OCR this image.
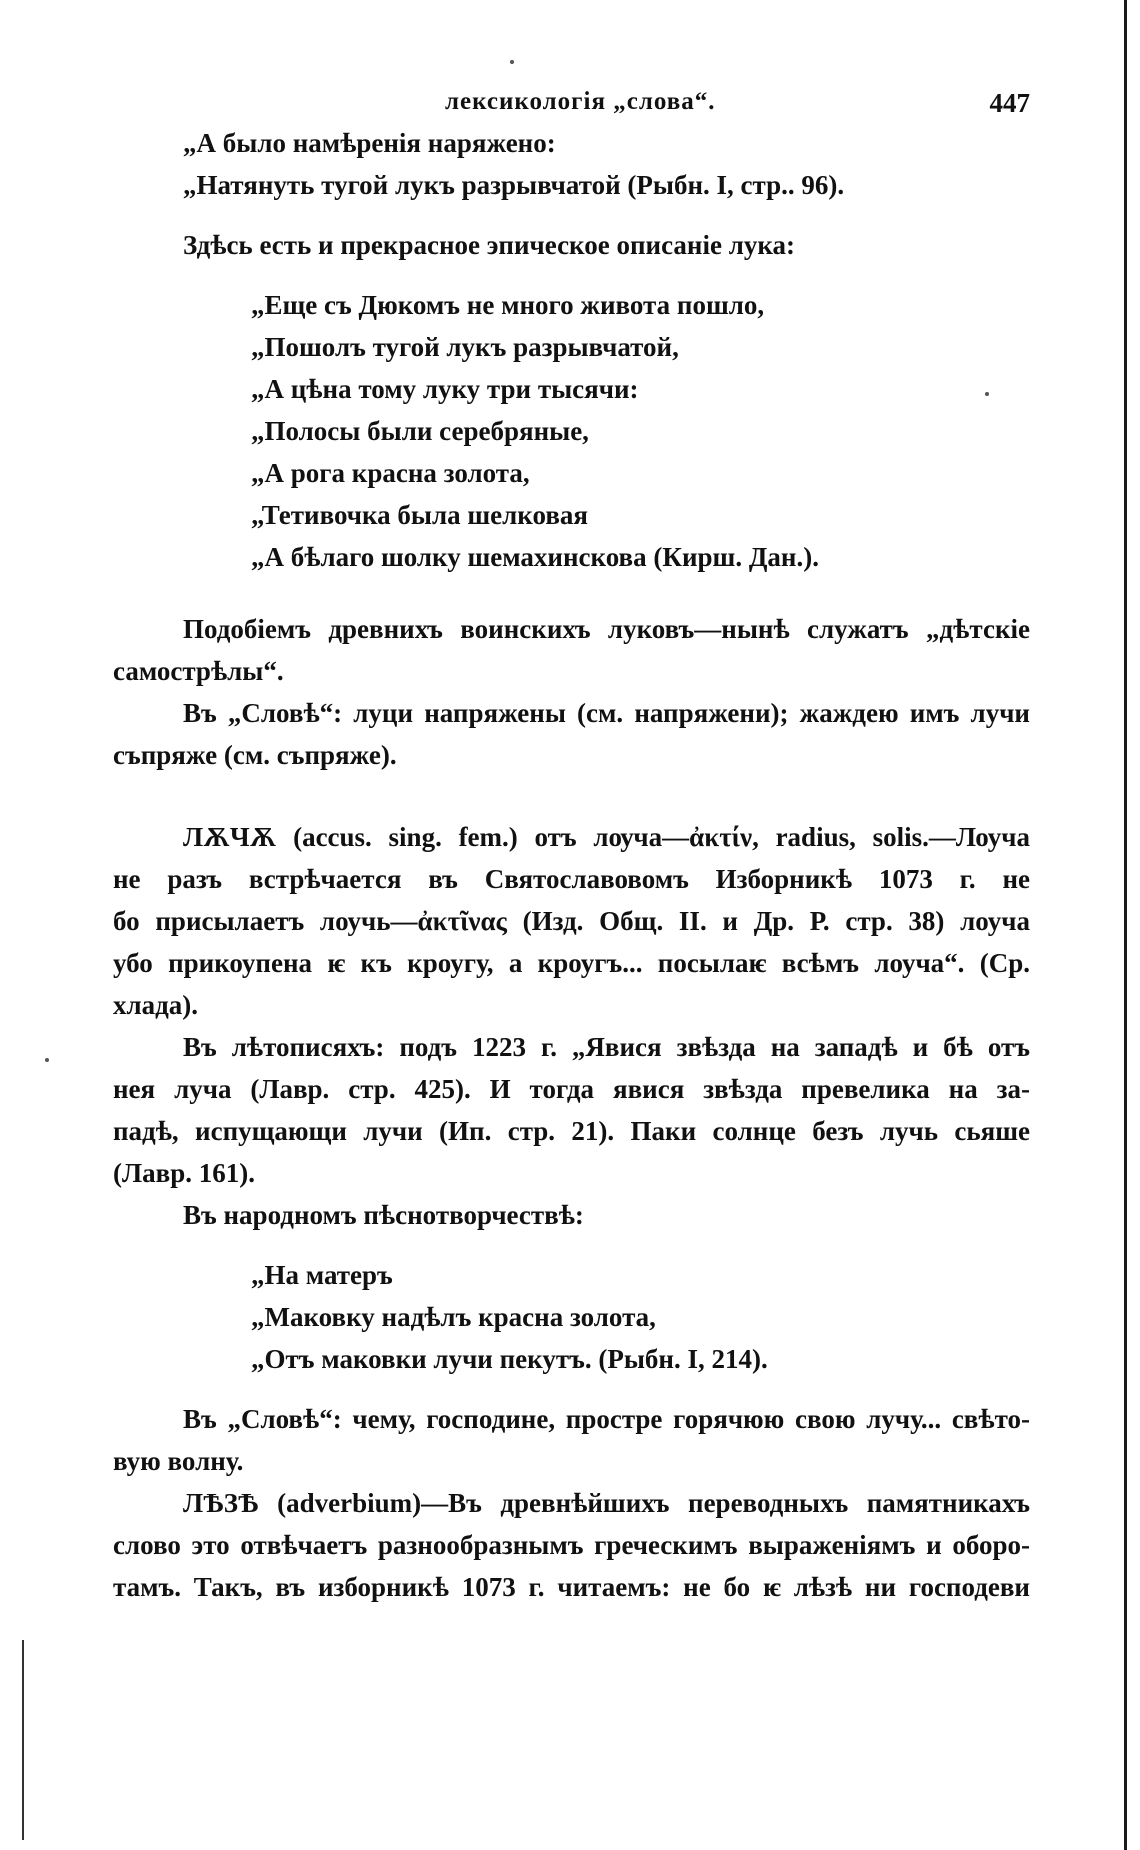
лексикологія „слова“.	447
„А было намѣренія наряжено:
„Натянуть тугой лукъ разрывчатой (Рыбн. I, стр.. 96).
Здѣсь есть и прекрасное эпическое описаніе лука:
„Еще съ Дюкомъ не много живота пошло,
„Пошолъ тугой лукъ разрывчатой,
„А цѣна тому луку три тысячи:
„Полосы были серебряные,
„А рога красна золота,
„Тетивочка была шелковая
„А бѣлаго шолку шемахинскова (Кирш. Дан.).
Подобіемъ древнихъ воинскихъ луковъ—нынѣ служатъ „дѣтскіе
самострѣлы“.
Въ „Словѣ“: луци напряжены (см. напряжени); жаждею имъ лучи
съпряже (см. съпряже).
ЛѪЧѪ (accus. sing. fem.) отъ лѹча—ἀκτίν, radius, solis.—Лоуча
не разъ встрѣчается въ Святославовомъ Изборникѣ 1073 г. не
бо присылаетъ лоучь—ἀκτῖνας (Изд. Общ. II. и Др. Р. стр. 38) лоуча
убо прикоупена ѥ къ кроугу, а кроугъ... посылаѥ всѣмъ лоуча“. (Ср. хлада).
Въ лѣтописяхъ: подъ 1223 г. „Явися звѣзда на западѣ и бѣ отъ
нея луча (Лавр. стр. 425). И тогда явися звѣзда превелика на за-
падѣ, испущающи лучи (Ип. стр. 21). Паки солнце безъ лучь сьяше
(Лавр. 161).
Въ народномъ пѣснотворчествѣ:
„На матеръ
„Маковку надѣлъ красна золота,
„Отъ маковки лучи пекутъ. (Рыбн. I, 214).
Въ „Словѣ“: чему, господине, простре горячюю свою лучу... свѣто-
вую волну.
ЛѢЗѢ (adverbium)—Въ древнѣйшихъ переводныхъ памятникахъ
слово это отвѣчаетъ разнообразнымъ греческимъ выраженіямъ и оборо-
тамъ. Такъ, въ изборникѣ 1073 г. читаемъ: не бо ѥ лѣзѣ ни господеви
